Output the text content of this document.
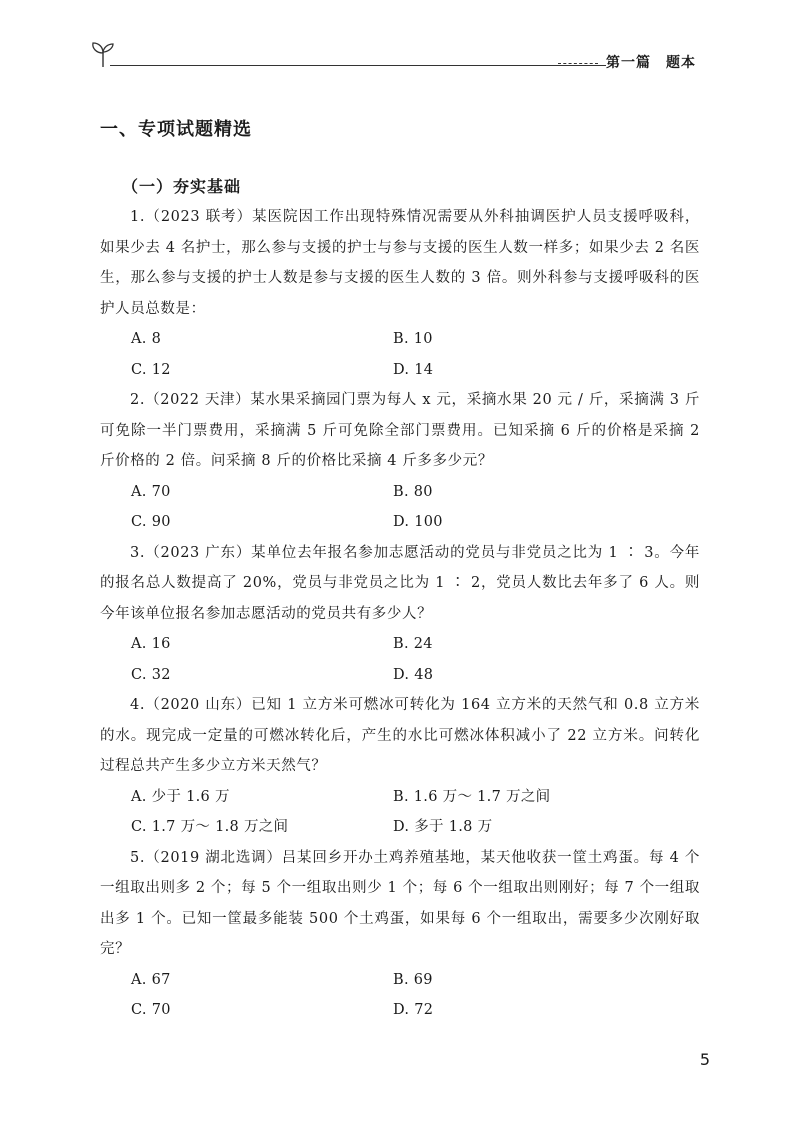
第一篇　题本
一、专项试题精选
（一）夯实基础

1.（2023 联考）某医院因工作出现特殊情况需要从外科抽调医护人员支援呼吸科，如果少去 4 名护士，那么参与支援的护士与参与支援的医生人数一样多；如果少去 2 名医生，那么参与支援的护士人数是参与支援的医生人数的 3 倍。则外科参与支援呼吸科的医护人员总数是：

A. 8	B. 10
C. 12	D. 14

2.（2022 天津）某水果采摘园门票为每人 x 元，采摘水果 20 元 / 斤，采摘满 3 斤可免除一半门票费用，采摘满 5 斤可免除全部门票费用。已知采摘 6 斤的价格是采摘 2 斤价格的 2 倍。问采摘 8 斤的价格比采摘 4 斤多多少元？

A. 70	B. 80
C. 90	D. 100

3.（2023 广东）某单位去年报名参加志愿活动的党员与非党员之比为 1 ∶ 3。今年的报名总人数提高了 20%，党员与非党员之比为 1 ∶ 2，党员人数比去年多了 6 人。则今年该单位报名参加志愿活动的党员共有多少人？

A. 16	B. 24
C. 32	D. 48

4.（2020 山东）已知 1 立方米可燃冰可转化为 164 立方米的天然气和 0.8 立方米的水。现完成一定量的可燃冰转化后，产生的水比可燃冰体积减小了 22 立方米。问转化过程总共产生多少立方米天然气？

A. 少于 1.6 万	B. 1.6 万～ 1.7 万之间
C. 1.7 万～ 1.8 万之间	D. 多于 1.8 万

5.（2019 湖北选调）吕某回乡开办土鸡养殖基地，某天他收获一筐土鸡蛋。每 4 个一组取出则多 2 个；每 5 个一组取出则少 1 个；每 6 个一组取出则刚好；每 7 个一组取出多 1 个。已知一筐最多能装 500 个土鸡蛋，如果每 6 个一组取出，需要多少次刚好取完？

A. 67	B. 69
C. 70	D. 72
5
